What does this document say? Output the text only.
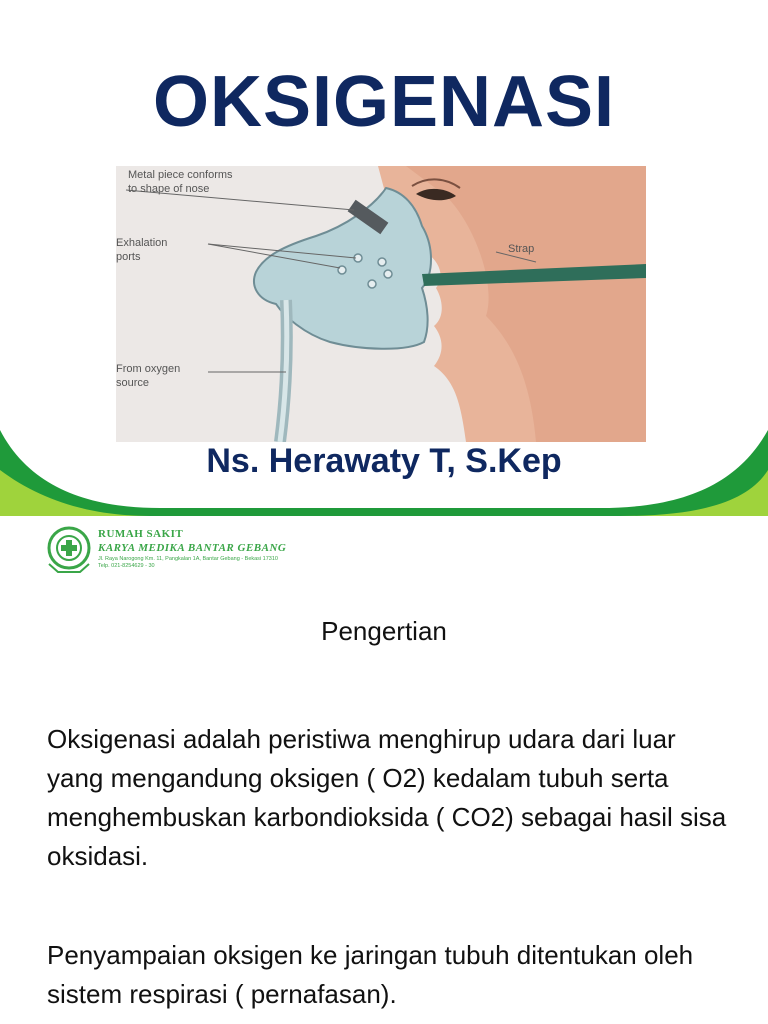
OKSIGENASI
Metal piece conforms
to shape of nose
Exhalation
ports
Strap
From oxygen
source
Ns. Herawaty T, S.Kep
RUMAH SAKIT
KARYA MEDIKA BANTAR GEBANG
Jl. Raya Narogong Km. 11, Pangkalan 1A, Bantar Gebang - Bekasi 17310
Telp. 021-8254629 - 30
Pengertian

Oksigenasi adalah peristiwa menghirup udara dari luar yang mengandung oksigen ( O2) kedalam tubuh serta menghembuskan karbondioksida ( CO2) sebagai hasil sisa oksidasi.

Penyampaian oksigen ke jaringan tubuh ditentukan oleh sistem respirasi ( pernafasan).
